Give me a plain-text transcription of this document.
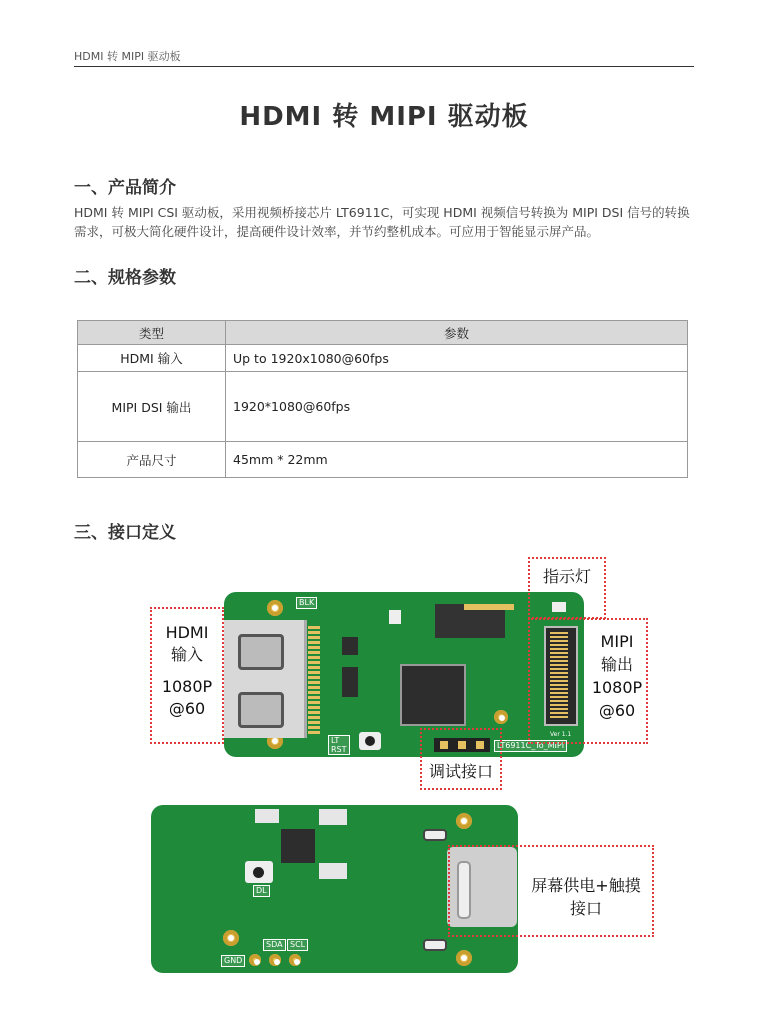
HDMI 转 MIPI 驱动板
HDMI 转 MIPI 驱动板
一、产品简介
HDMI 转 MIPI CSI 驱动板，采用视频桥接芯片 LT6911C，可实现 HDMI 视频信号转换为 MIPI DSI 信号的转换需求，可极大简化硬件设计，提高硬件设计效率，并节约整机成本。可应用于智能显示屏产品。
二、规格参数
类型	参数
HDMI 输入	Up to 1920x1080@60fps
MIPI DSI 输出	1920*1080@60fps
产品尺寸	45mm * 22mm
三、接口定义
BLK
LT
RST	LT6911C_To_MIPI
Ver 1.1
DL
SDA SCL
GND
HDMI
输入
1080P
@60
指示灯
MIPI
输出
1080P
@60
调试接口
屏幕供电+触摸
接口
